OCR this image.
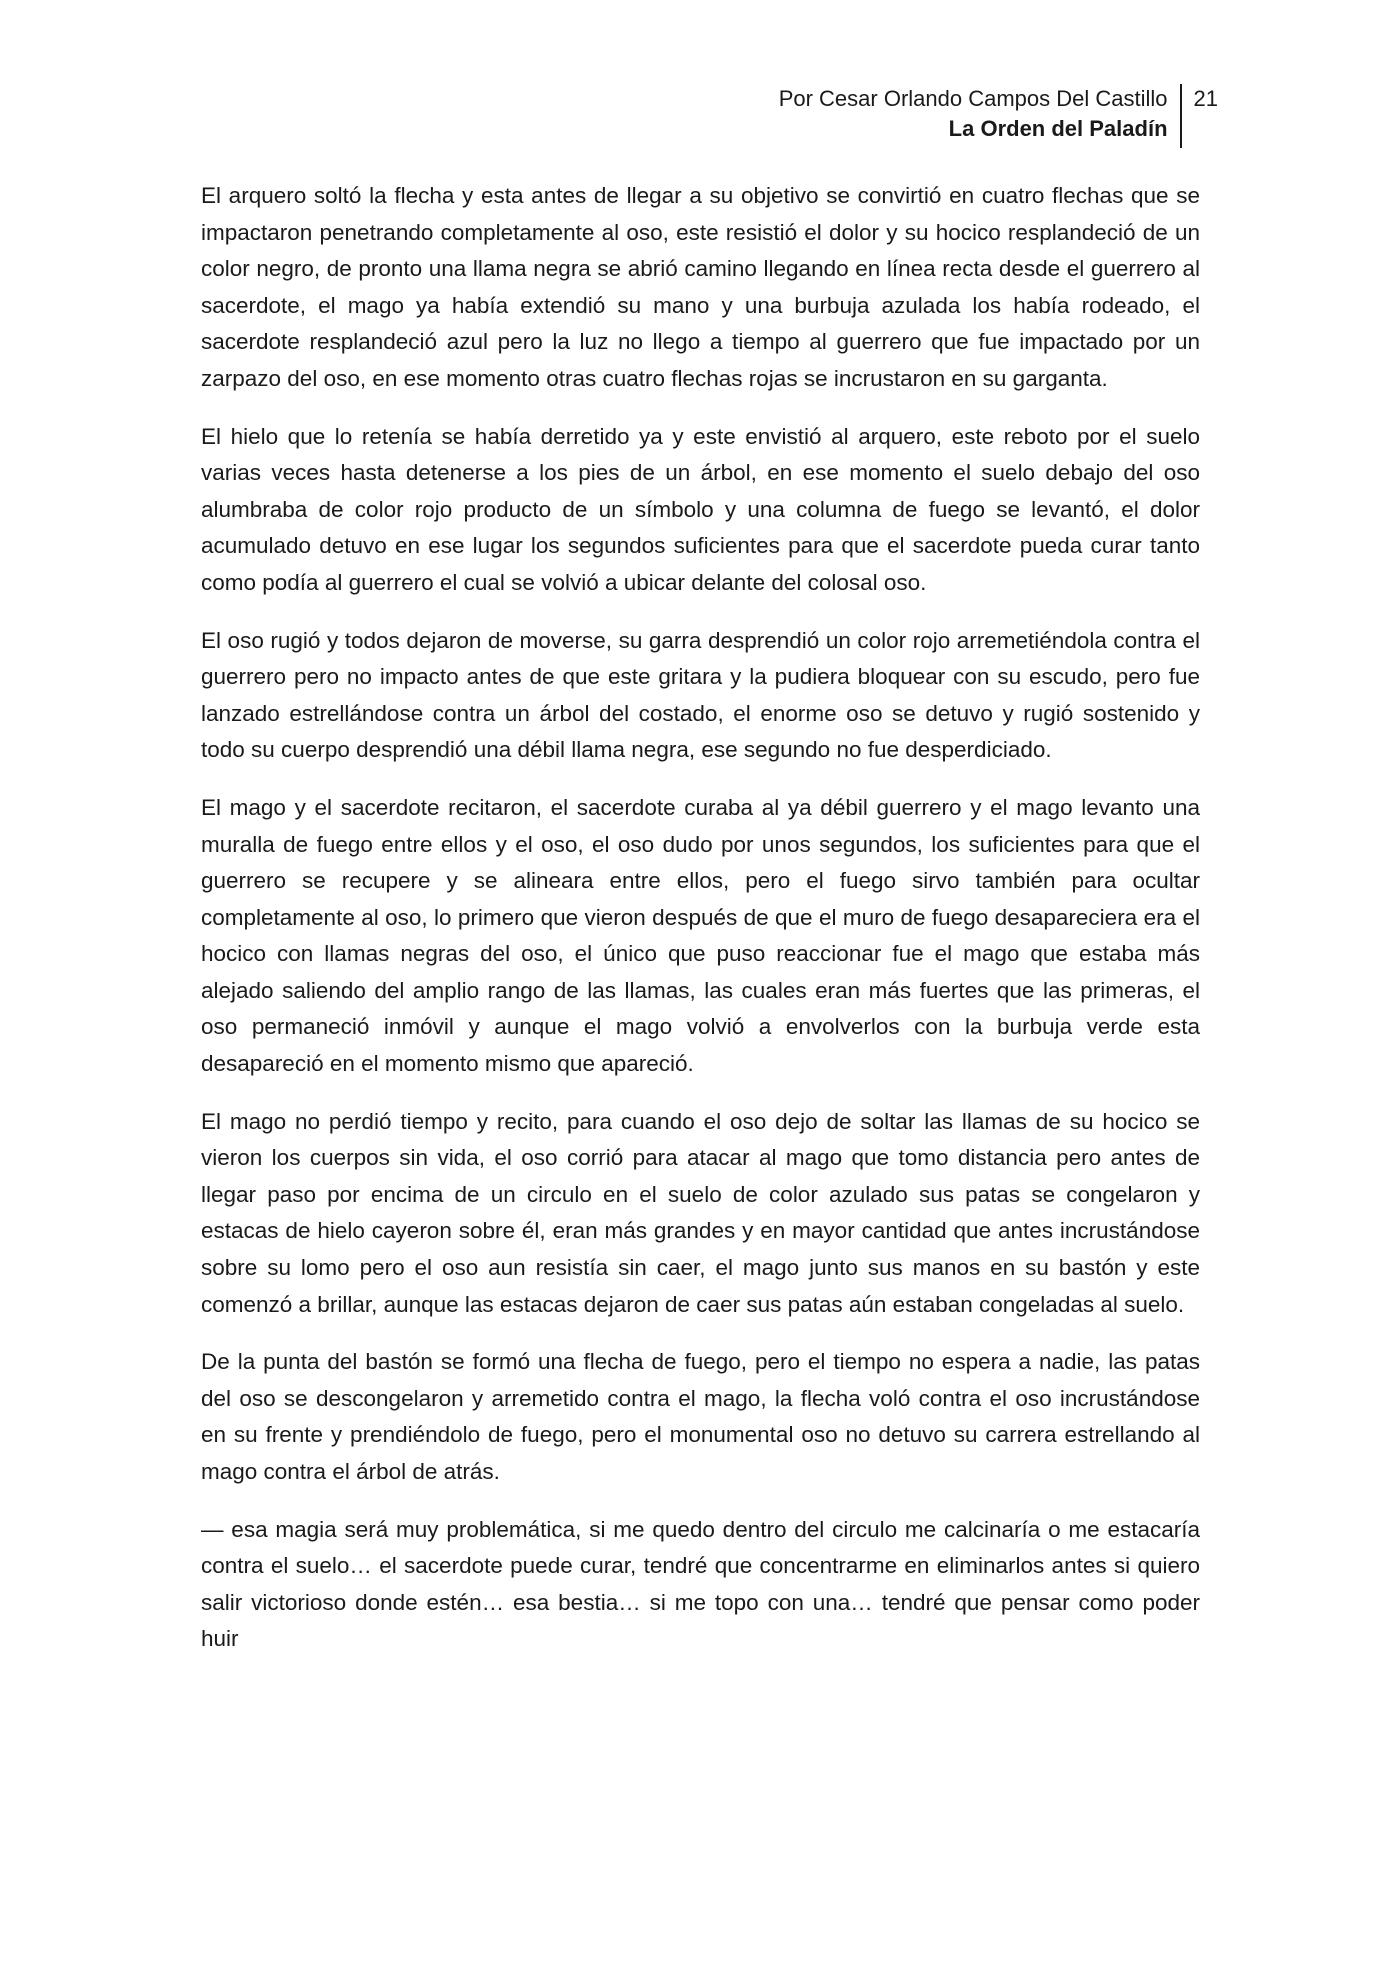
Por Cesar Orlando Campos Del Castillo
La Orden del Paladín
21

El arquero soltó la flecha y esta antes de llegar a su objetivo se convirtió en cuatro flechas que se impactaron penetrando completamente al oso, este resistió el dolor y su hocico resplandeció de un color negro, de pronto una llama negra se abrió camino llegando en línea recta desde el guerrero al sacerdote, el mago ya había extendió su mano y una burbuja azulada los había rodeado, el sacerdote resplandeció azul pero la luz no llego a tiempo al guerrero que fue impactado por un zarpazo del oso, en ese momento otras cuatro flechas rojas se incrustaron en su garganta.

El hielo que lo retenía se había derretido ya y este envistió al arquero, este reboto por el suelo varias veces hasta detenerse a los pies de un árbol, en ese momento el suelo debajo del oso alumbraba de color rojo producto de un símbolo y una columna de fuego se levantó, el dolor acumulado detuvo en ese lugar los segundos suficientes para que el sacerdote pueda curar tanto como podía al guerrero el cual se volvió a ubicar delante del colosal oso.

El oso rugió y todos dejaron de moverse, su garra desprendió un color rojo arremetiéndola contra el guerrero pero no impacto antes de que este gritara y la pudiera bloquear con su escudo, pero fue lanzado estrellándose contra un árbol del costado, el enorme oso se detuvo y rugió sostenido y todo su cuerpo desprendió una débil llama negra, ese segundo no fue desperdiciado.

El mago y el sacerdote recitaron, el sacerdote curaba al ya débil guerrero y el mago levanto una muralla de fuego entre ellos y el oso, el oso dudo por unos segundos, los suficientes para que el guerrero se recupere y se alineara entre ellos, pero el fuego sirvo también para ocultar completamente al oso, lo primero que vieron después de que el muro de fuego desapareciera era el hocico con llamas negras del oso, el único que puso reaccionar fue el mago que estaba más alejado saliendo del amplio rango de las llamas, las cuales eran más fuertes que las primeras, el oso permaneció inmóvil y aunque el mago volvió a envolverlos con la burbuja verde esta desapareció en el momento mismo que apareció.

El mago no perdió tiempo y recito, para cuando el oso dejo de soltar las llamas de su hocico se vieron los cuerpos sin vida, el oso corrió para atacar al mago que tomo distancia pero antes de llegar paso por encima de un circulo en el suelo de color azulado sus patas se congelaron y estacas de hielo cayeron sobre él, eran más grandes y en mayor cantidad que antes incrustándose sobre su lomo pero el oso aun resistía sin caer, el mago junto sus manos en su bastón y este comenzó a brillar, aunque las estacas dejaron de caer sus patas aún estaban congeladas al suelo.

De la punta del bastón se formó una flecha de fuego, pero el tiempo no espera a nadie, las patas del oso se descongelaron y arremetido contra el mago, la flecha voló contra el oso incrustándose en su frente y prendiéndolo de fuego, pero el monumental oso no detuvo su carrera estrellando al mago contra el árbol de atrás.

— esa magia será muy problemática, si me quedo dentro del circulo me calcinaría o me estacaría contra el suelo… el sacerdote puede curar, tendré que concentrarme en eliminarlos antes si quiero salir victorioso donde estén… esa bestia… si me topo con una… tendré que pensar como poder huir
